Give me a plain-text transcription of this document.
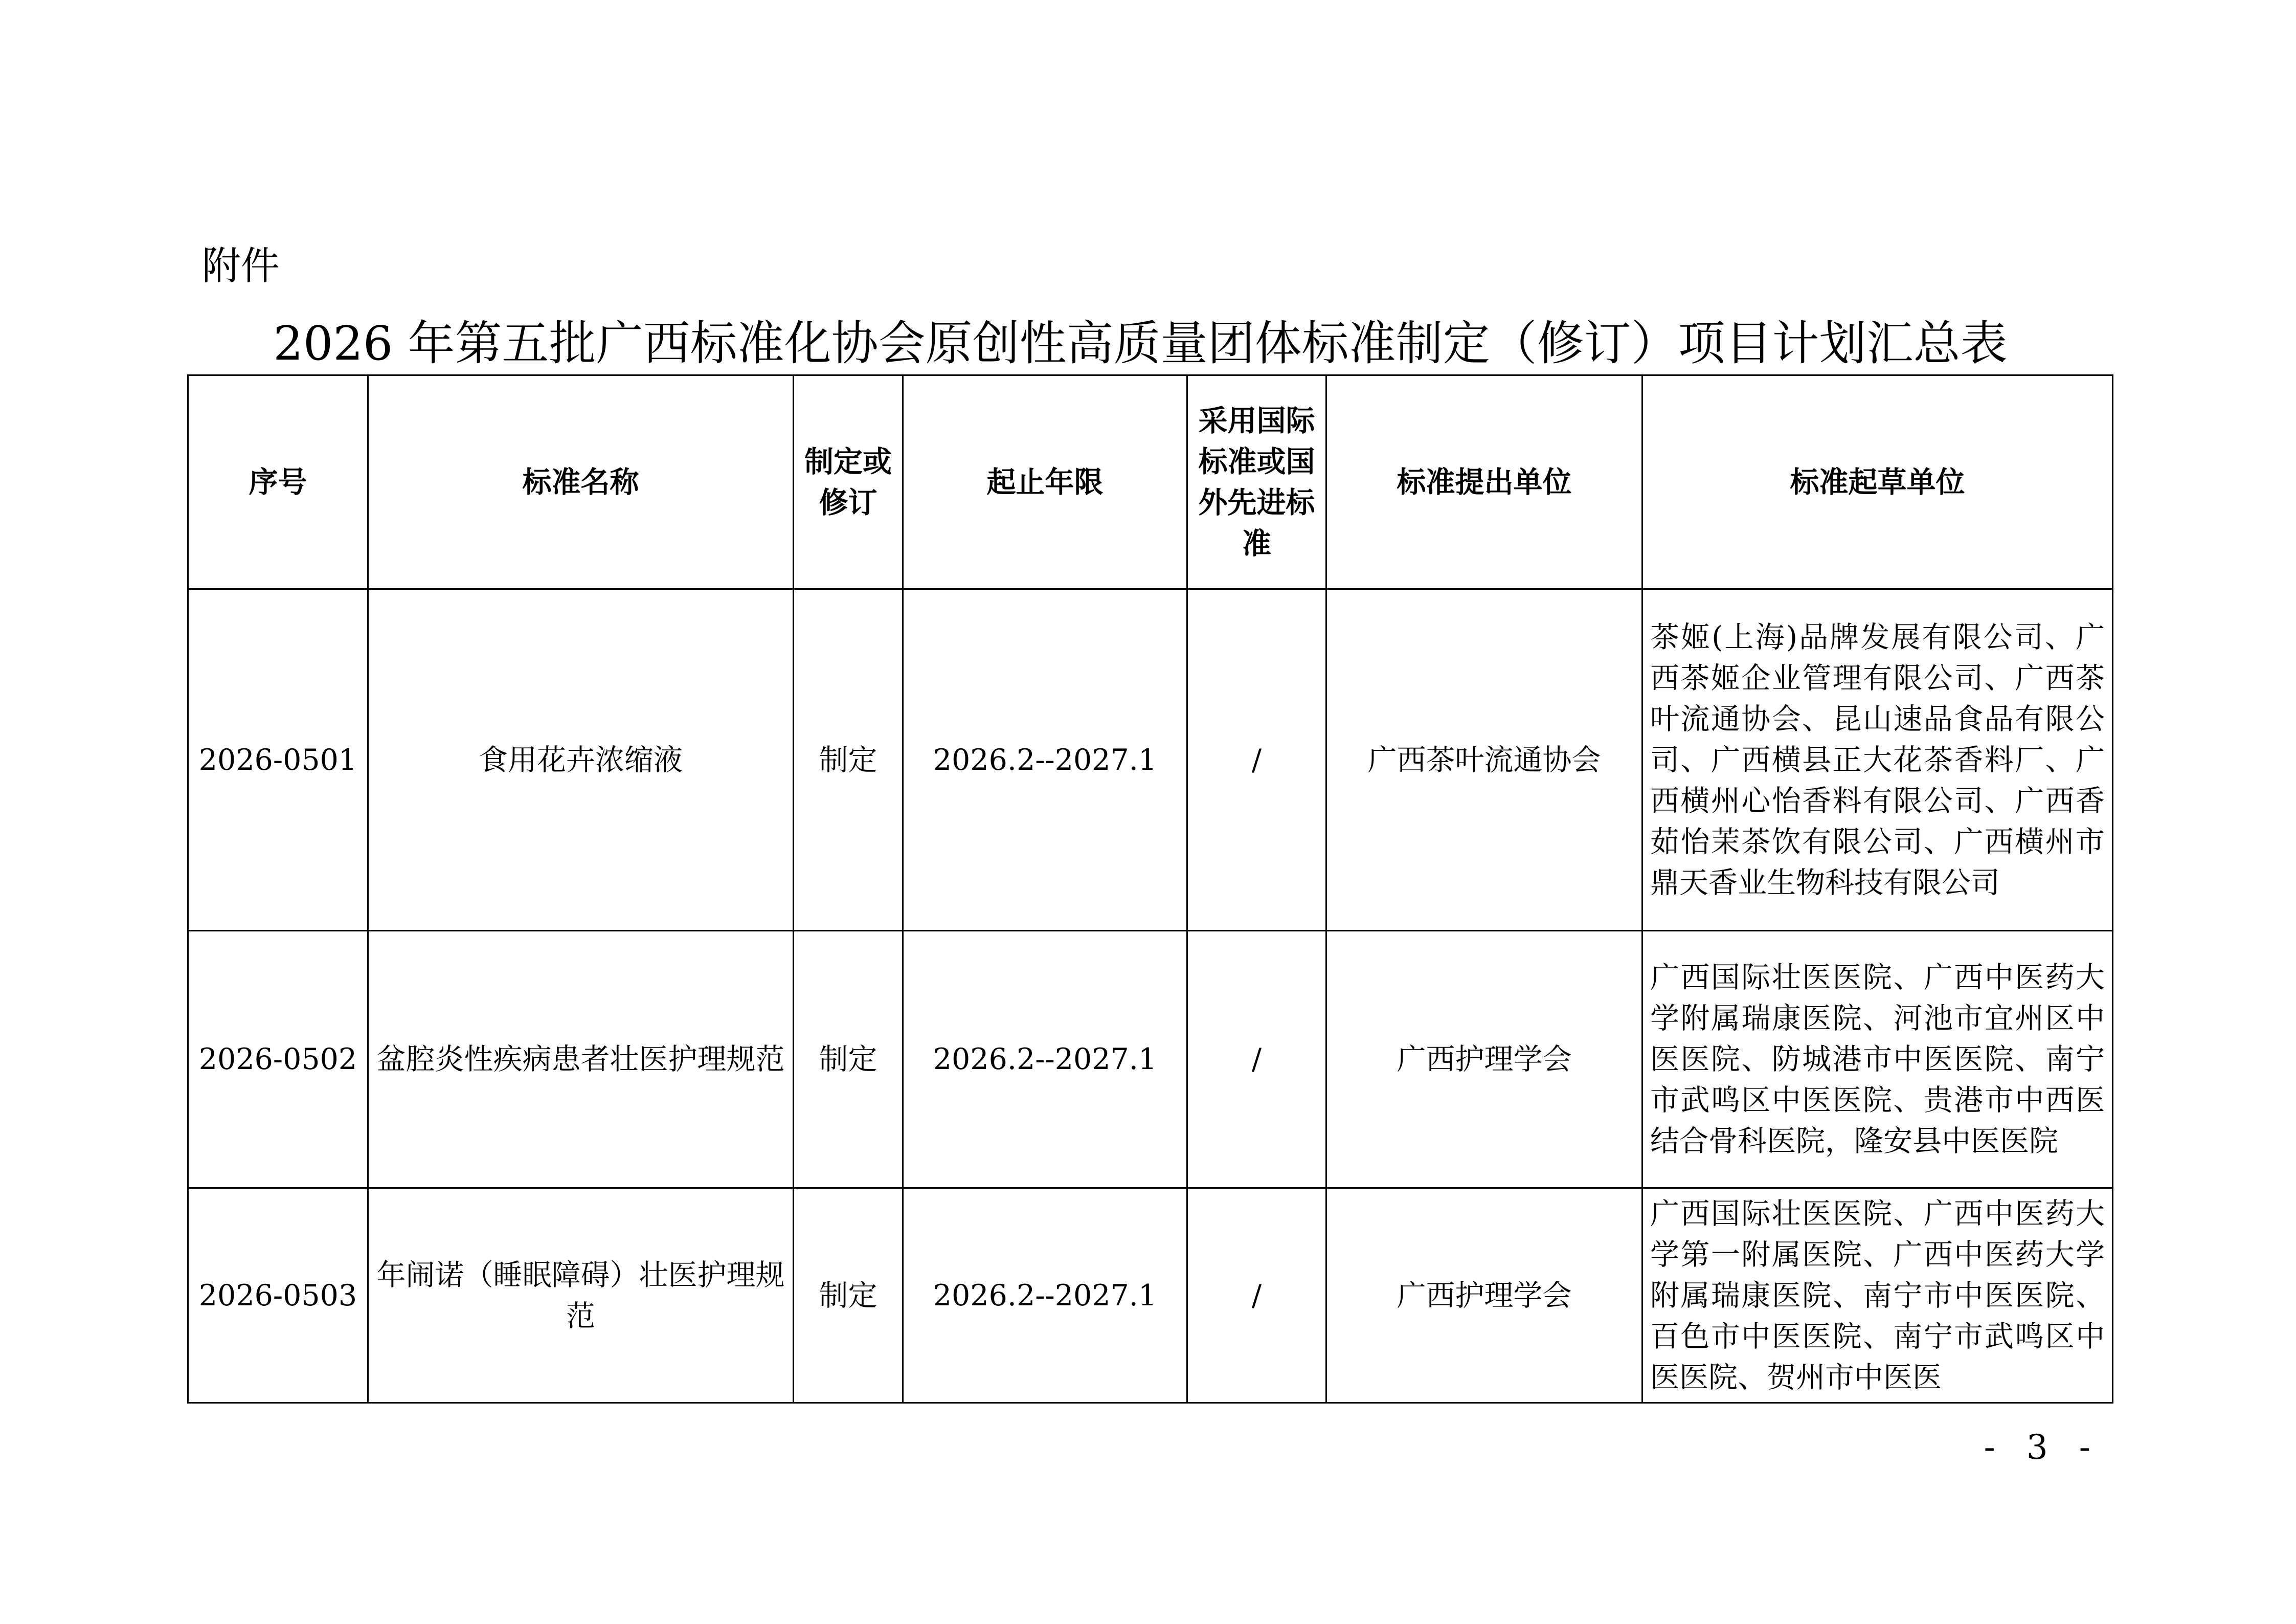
附件
2026 年第五批广西标准化协会原创性高质量团体标准制定（修订）项目计划汇总表
序号	标准名称	制定或修订	起止年限	采用国际标准或国外先进标准	标准提出单位	标准起草单位
2026-0501	食用花卉浓缩液	制定	2026.2--2027.1	/	广西茶叶流通协会	茶姬(上海)品牌发展有限公司、广西茶姬企业管理有限公司、广西茶叶流通协会、昆山速品食品有限公司、广西横县正大花茶香料厂、广西横州心怡香料有限公司、广西香茹怡茉茶饮有限公司、广西横州市鼎天香业生物科技有限公司
2026-0502	盆腔炎性疾病患者壮医护理规范	制定	2026.2--2027.1	/	广西护理学会	广西国际壮医医院、广西中医药大学附属瑞康医院、河池市宜州区中医医院、防城港市中医医院、南宁市武鸣区中医医院、贵港市中西医结合骨科医院，隆安县中医医院
2026-0503	年闹诺（睡眠障碍）壮医护理规范	制定	2026.2--2027.1	/	广西护理学会	广西国际壮医医院、广西中医药大学第一附属医院、广西中医药大学附属瑞康医院、南宁市中医医院、百色市中医医院、南宁市武鸣区中医医院、贺州市中医医
- 3 -
